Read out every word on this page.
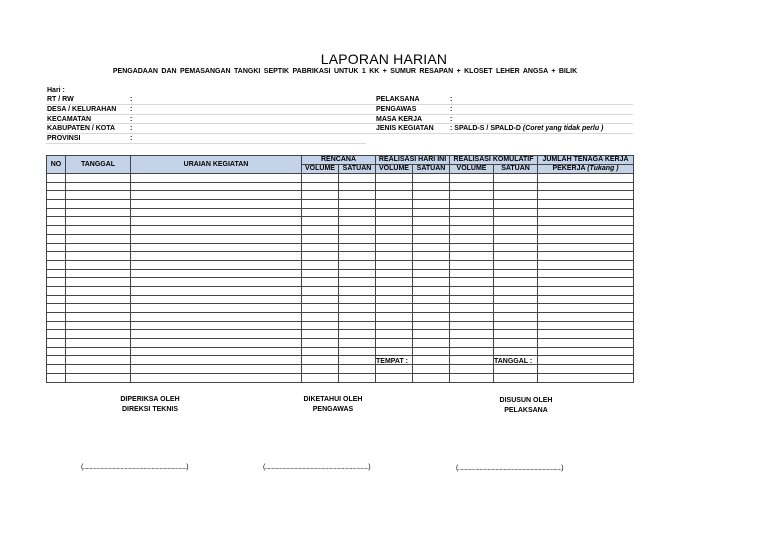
LAPORAN HARIAN
PENGADAAN DAN PEMASANGAN TANGKI SEPTIK PABRIKASI UNTUK 1 KK + SUMUR RESAPAN + KLOSET LEHER ANGSA + BILIK
Hari :
RT / RW	:
DESA / KELURAHAN :
KECAMATAN	:
KABUPATEN / KOTA :
PROVINSI	:
PELAKSANA	:
PENGAWAS	:
MASA KERJA	:
JENIS KEGIATAN : SPALD-S / SPALD-D (Coret yang tidak perlu )
NO	TANGGAL	URAIAN KEGIATAN	RENCANA		REALISASI HARI INI		REALISASI KOMULATIF		JUMLAH TENAGA KERJA
			VOLUME	SATUAN	VOLUME	SATUAN	VOLUME	SATUAN	PEKERJA (Tukang )

TEMPAT :	TANGGAL :
DIPERIKSA OLEH
DIREKSI TEKNIS
DIKETAHUI OLEH
PENGAWAS
DISUSUN OLEH
PELAKSANA
(.............................................................................)	(.............................................................................)	(.............................................................................)
